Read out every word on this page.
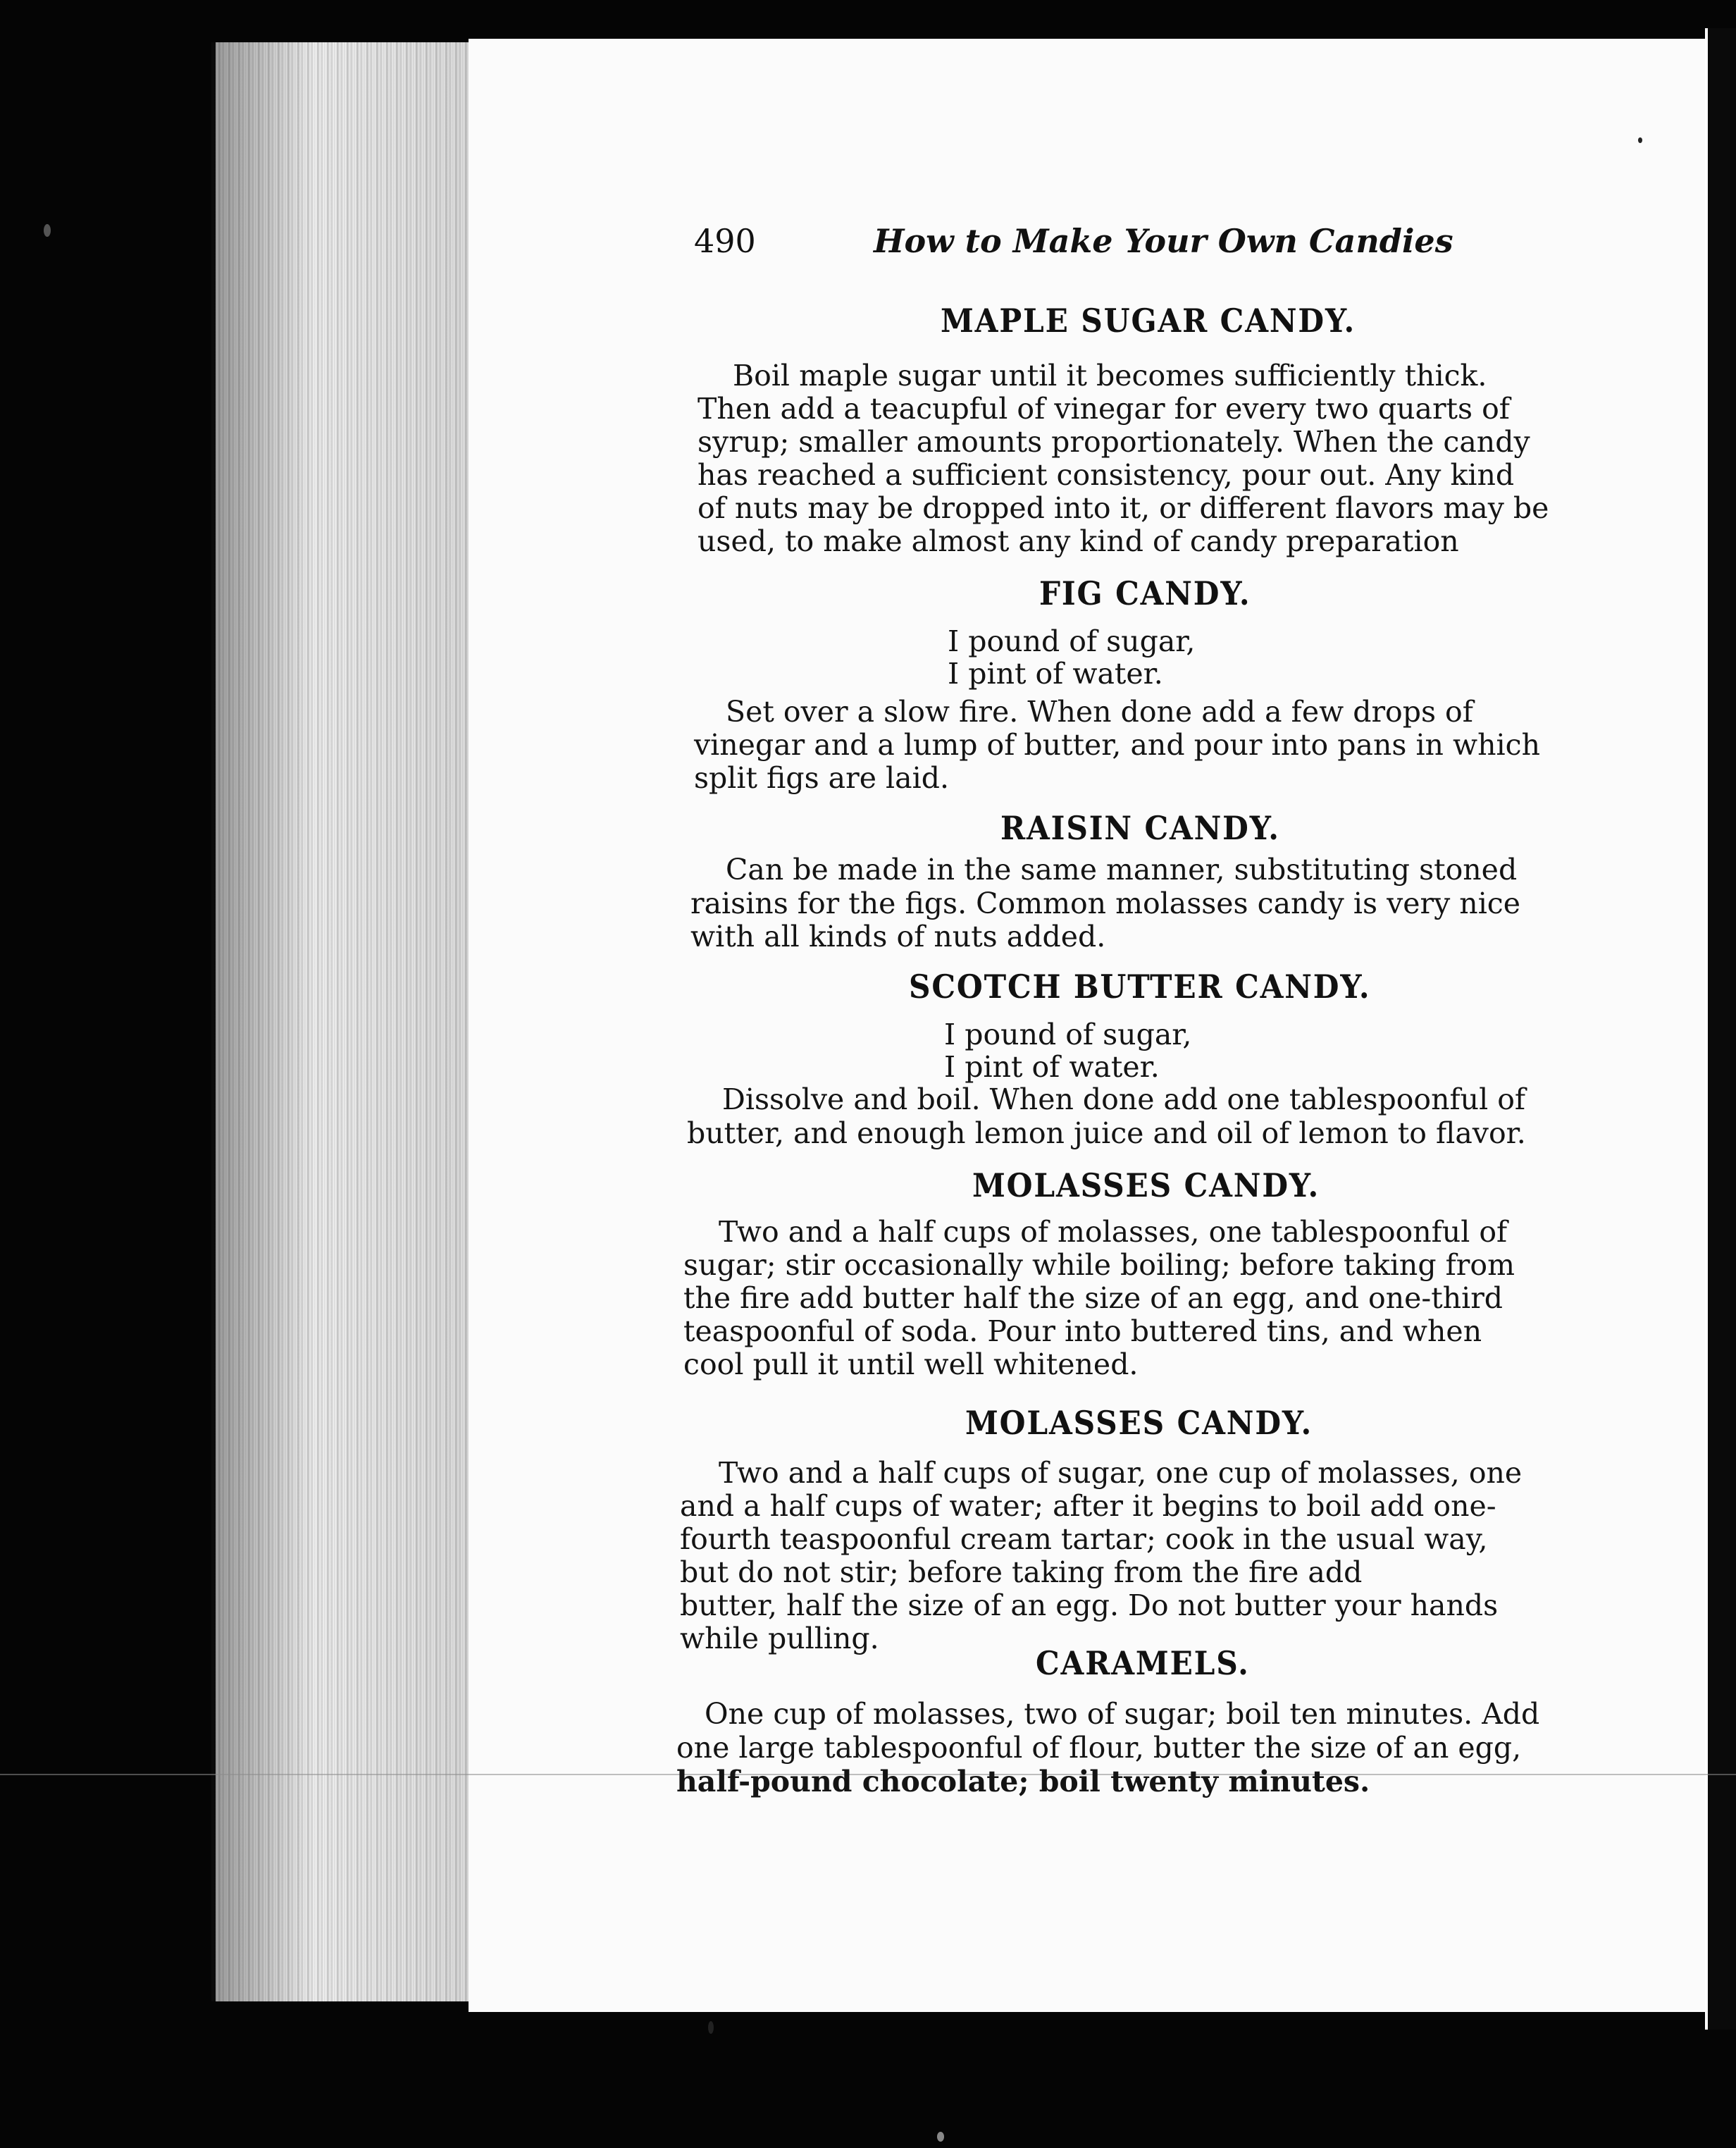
490	How to Make Your Own Candies
MAPLE SUGAR CANDY.
Boil maple sugar until it becomes sufficiently thick.
Then add a teacupful of vinegar for every two quarts of
syrup; smaller amounts proportionately. When the candy
has reached a sufficient consistency, pour out. Any kind
of nuts may be dropped into it, or different flavors may be
used, to make almost any kind of candy preparation
FIG CANDY.
I pound of sugar,
I pint of water.
Set over a slow fire. When done add a few drops of
vinegar and a lump of butter, and pour into pans in which
split figs are laid.
RAISIN CANDY.
Can be made in the same manner, substituting stoned
raisins for the figs. Common molasses candy is very nice
with all kinds of nuts added.
SCOTCH BUTTER CANDY.
I pound of sugar,
I pint of water.
Dissolve and boil. When done add one tablespoonful of
butter, and enough lemon juice and oil of lemon to flavor.
MOLASSES CANDY.
Two and a half cups of molasses, one tablespoonful of
sugar; stir occasionally while boiling; before taking from
the fire add butter half the size of an egg, and one-third
teaspoonful of soda. Pour into buttered tins, and when
cool pull it until well whitened.
MOLASSES CANDY.
Two and a half cups of sugar, one cup of molasses, one
and a half cups of water; after it begins to boil add one-
fourth teaspoonful cream tartar; cook in the usual way,
but do not stir; before taking from the fire add
butter, half the size of an egg. Do not butter your hands
while pulling.
CARAMELS.
One cup of molasses, two of sugar; boil ten minutes. Add
one large tablespoonful of flour, butter the size of an egg,
half-pound chocolate; boil twenty minutes.
